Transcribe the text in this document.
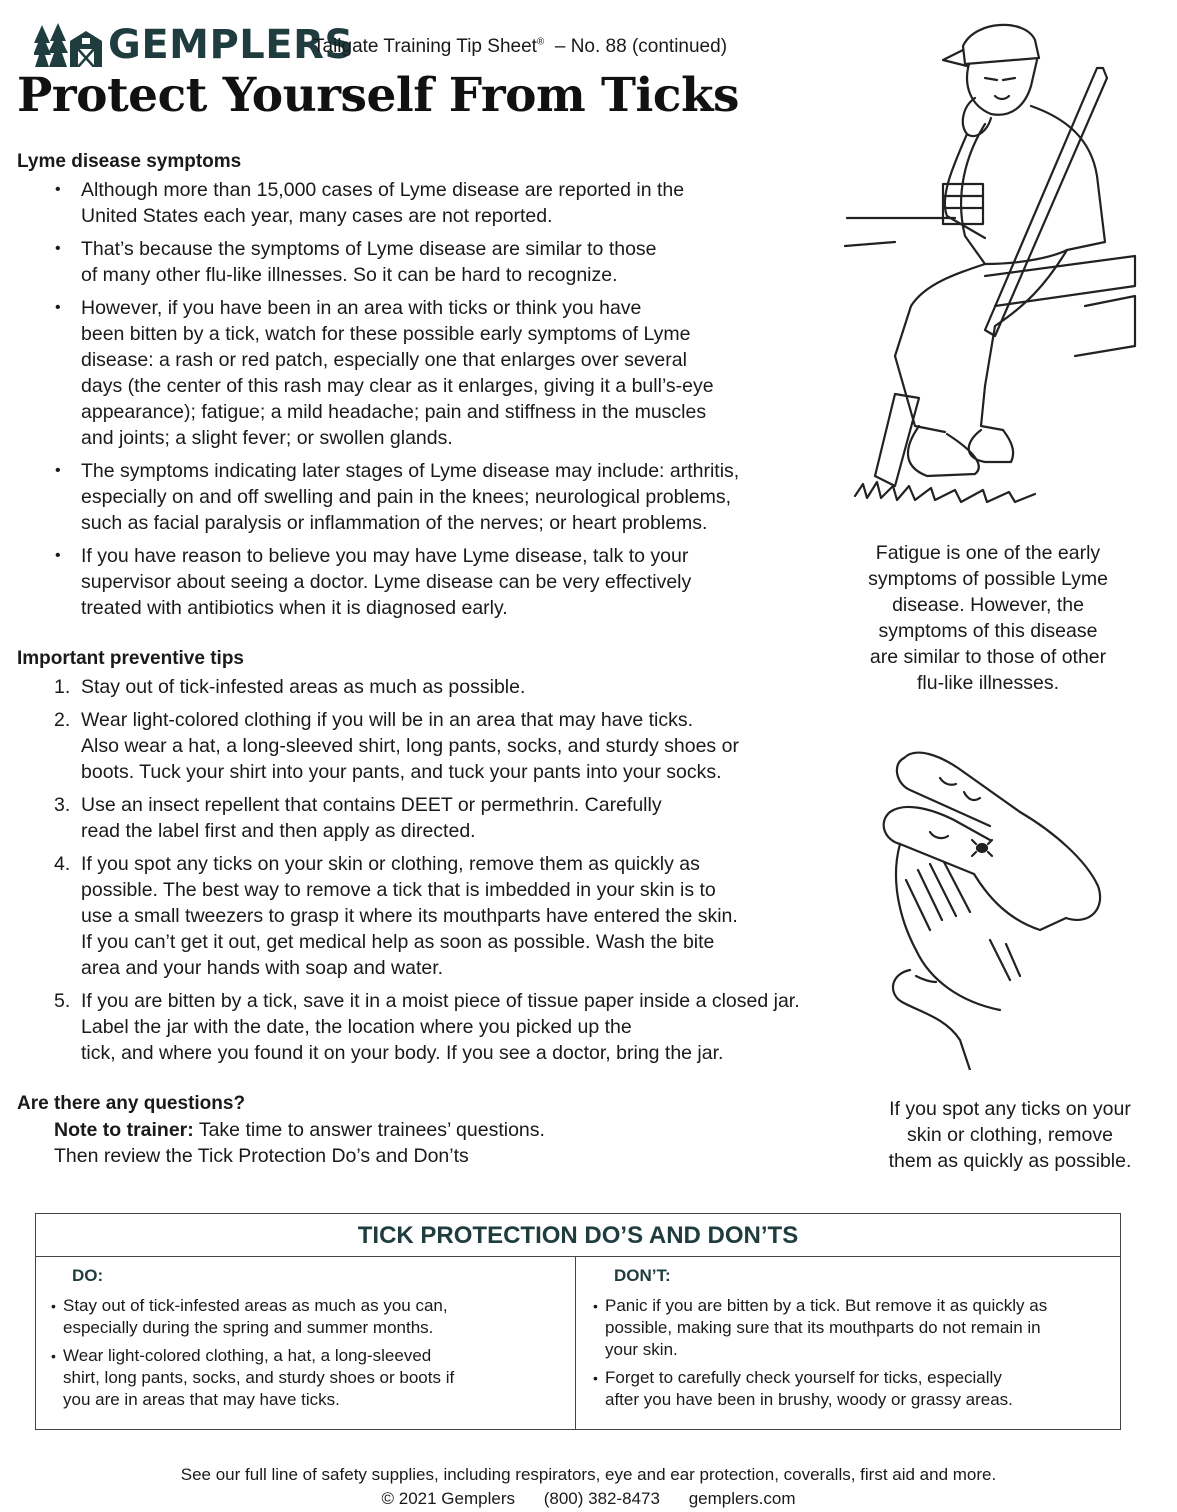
GEMPLERS
Tailgate Training Tip Sheet® – No. 88 (continued)
Protect Yourself From Ticks
Lyme disease symptoms
• Although more than 15,000 cases of Lyme disease are reported in the
United States each year, many cases are not reported.
• That’s because the symptoms of Lyme disease are similar to those
of many other flu-like illnesses. So it can be hard to recognize.
• However, if you have been in an area with ticks or think you have
been bitten by a tick, watch for these possible early symptoms of Lyme
disease: a rash or red patch, especially one that enlarges over several
days (the center of this rash may clear as it enlarges, giving it a bull’s-eye
appearance); fatigue; a mild headache; pain and stiffness in the muscles
and joints; a slight fever; or swollen glands.
• The symptoms indicating later stages of Lyme disease may include: arthritis,
especially on and off swelling and pain in the knees; neurological problems,
such as facial paralysis or inflammation of the nerves; or heart problems.
• If you have reason to believe you may have Lyme disease, talk to your
supervisor about seeing a doctor. Lyme disease can be very effectively
treated with antibiotics when it is diagnosed early.
Important preventive tips
1. Stay out of tick-infested areas as much as possible.
2. Wear light-colored clothing if you will be in an area that may have ticks.
Also wear a hat, a long-sleeved shirt, long pants, socks, and sturdy shoes or
boots. Tuck your shirt into your pants, and tuck your pants into your socks.
3. Use an insect repellent that contains DEET or permethrin. Carefully
read the label first and then apply as directed.
4. If you spot any ticks on your skin or clothing, remove them as quickly as
possible. The best way to remove a tick that is imbedded in your skin is to
use a small tweezers to grasp it where its mouthparts have entered the skin.
If you can’t get it out, get medical help as soon as possible. Wash the bite
area and your hands with soap and water.
5. If you are bitten by a tick, save it in a moist piece of tissue paper inside a closed jar.
Label the jar with the date, the location where you picked up the
tick, and where you found it on your body. If you see a doctor, bring the jar.
Are there any questions?

Note to trainer: Take time to answer trainees’ questions.
Then review the Tick Protection Do’s and Don’ts

Fatigue is one of the early
symptoms of possible Lyme
disease. However, the
symptoms of this disease
are similar to those of other
flu-like illnesses.
If you spot any ticks on your
skin or clothing, remove
them as quickly as possible.
TICK PROTECTION DO’S AND DON’TS
DO:
• Stay out of tick-infested areas as much as you can,
especially during the spring and summer months.
• Wear light-colored clothing, a hat, a long-sleeved
shirt, long pants, socks, and sturdy shoes or boots if
you are in areas that may have ticks.
DON’T:
• Panic if you are bitten by a tick. But remove it as quickly as
possible, making sure that its mouthparts do not remain in
your skin.
• Forget to carefully check yourself for ticks, especially
after you have been in brushy, woody or grassy areas.
See our full line of safety supplies, including respirators, eye and ear protection, coveralls, first aid and more.
© 2021 Gemplers (800) 382-8473 gemplers.com
